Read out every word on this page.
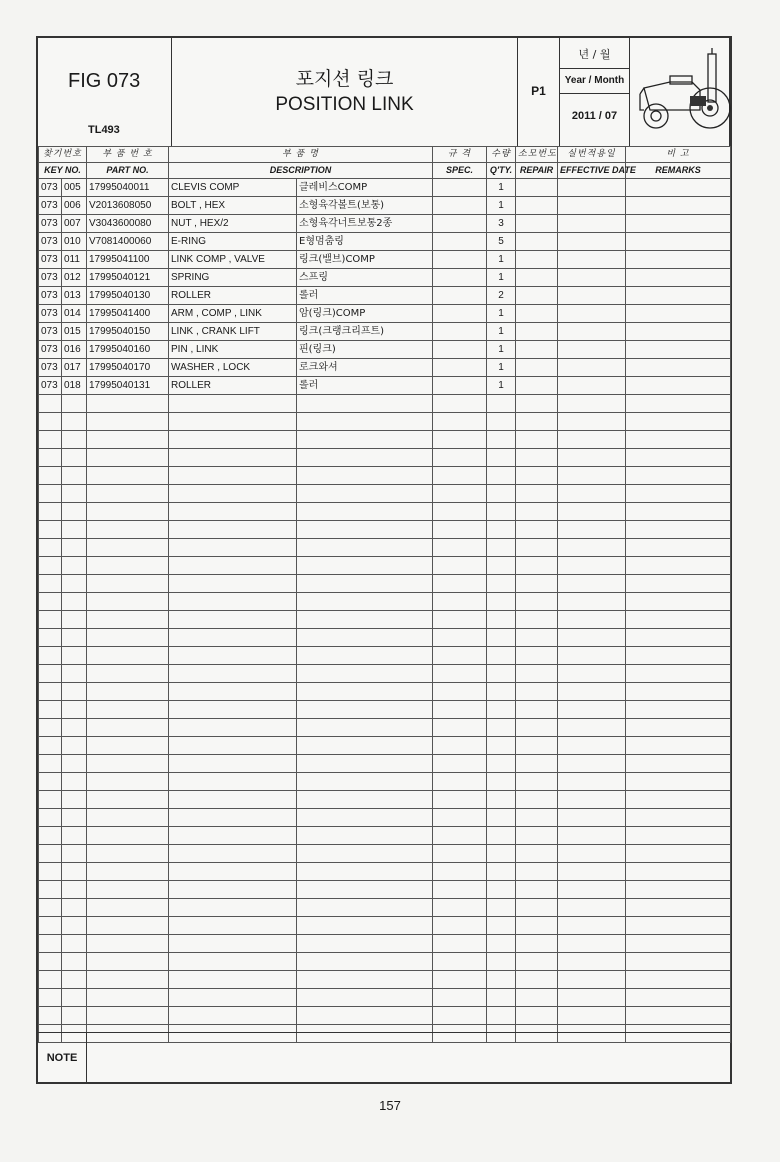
FIG 073
TL493
포지션 링크
POSITION LINK
P1
년 / 월
Year / Month
2011 / 07
찾기번호		부 품 번 호	부 품 명		규 격	수량	소모번도	실번적용일	비 고
KEY NO.		PART NO.	DESCRIPTION		SPEC.	Q'TY.	REPAIR	EFFECTIVE DATE	REMARKS
073	005	17995040011	CLEVIS COMP	클레비스COMP		1			
073	006	V2013608050	BOLT , HEX	소형육각볼트(보통)		1			
073	007	V3043600080	NUT , HEX/2	소형육각너트보통2종		3			
073	010	V7081400060	E-RING	E형멈춤링		5			
073	011	17995041100	LINK COMP , VALVE	링크(밸브)COMP		1			
073	012	17995040121	SPRING	스프링		1			
073	013	17995040130	ROLLER	롤러		2			
073	014	17995041400	ARM , COMP , LINK	암(링크)COMP		1			
073	015	17995040150	LINK , CRANK LIFT	링크(크랭크리프트)		1			
073	016	17995040160	PIN , LINK	핀(링크)		1			
073	017	17995040170	WASHER , LOCK	로크와셔		1			
073	018	17995040131	ROLLER	롤러		1			

NOTE
157
